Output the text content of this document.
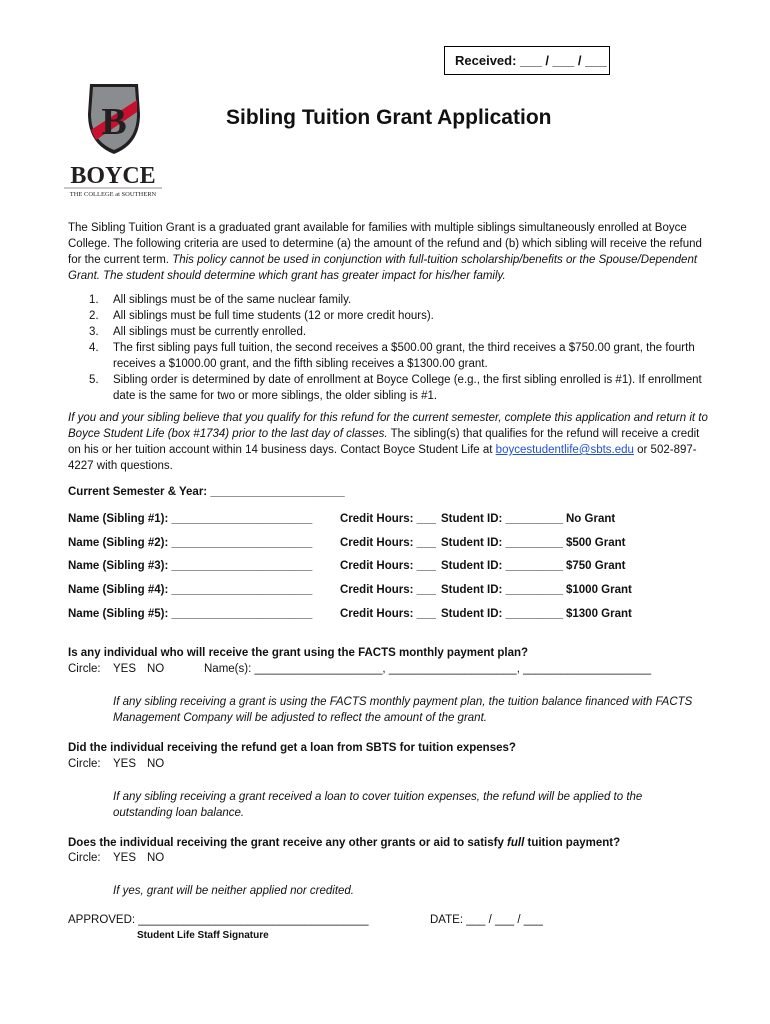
Received: ___ / ___ / ___
B
BOYCE
THE COLLEGE at SOUTHERN
Sibling Tuition Grant Application

The Sibling Tuition Grant is a graduated grant available for families with multiple siblings simultaneously enrolled at Boyce College. The following criteria are used to determine (a) the amount of the refund and (b) which sibling will receive the refund for the current term. This policy cannot be used in conjunction with full-tuition scholarship/benefits or the Spouse/Dependent Grant. The student should determine which grant has greater impact for his/her family.

1. All siblings must be of the same nuclear family.
2. All siblings must be full time students (12 or more credit hours).
3. All siblings must be currently enrolled.
4. The first sibling pays full tuition, the second receives a $500.00 grant, the third receives a $750.00 grant, the fourth receives a $1000.00 grant, and the fifth sibling receives a $1300.00 grant.
5. Sibling order is determined by date of enrollment at Boyce College (e.g., the first sibling enrolled is #1). If enrollment date is the same for two or more siblings, the older sibling is #1.

If you and your sibling believe that you qualify for this refund for the current semester, complete this application and return it to Boyce Student Life (box #1734) prior to the last day of classes. The sibling(s) that qualifies for the refund will receive a credit on his or her tuition account within 14 business days. Contact Boyce Student Life at boycestudentlife@sbts.edu or 502-897-4227 with questions.

Current Semester & Year: _____________________
Name (Sibling #1): ______________________ Credit Hours: ___ Student ID: _________ No Grant
Name (Sibling #2): ______________________ Credit Hours: ___ Student ID: _________ $500 Grant
Name (Sibling #3): ______________________ Credit Hours: ___ Student ID: _________ $750 Grant
Name (Sibling #4): ______________________ Credit Hours: ___ Student ID: _________ $1000 Grant
Name (Sibling #5): ______________________ Credit Hours: ___ Student ID: _________ $1300 Grant
Is any individual who will receive the grant using the FACTS monthly payment plan?
Circle: YES NO	Name(s): ____________________, ____________________, ____________________

If any sibling receiving a grant is using the FACTS monthly payment plan, the tuition balance financed with FACTS Management Company will be adjusted to reflect the amount of the grant.

Did the individual receiving the refund get a loan from SBTS for tuition expenses?
Circle: YES NO

If any sibling receiving a grant received a loan to cover tuition expenses, the refund will be applied to the outstanding loan balance.

Does the individual receiving the grant receive any other grants or aid to satisfy full tuition payment?
Circle: YES NO

If yes, grant will be neither applied nor credited.

APPROVED: ____________________________________	DATE: ___ / ___ / ___
Student Life Staff Signature
